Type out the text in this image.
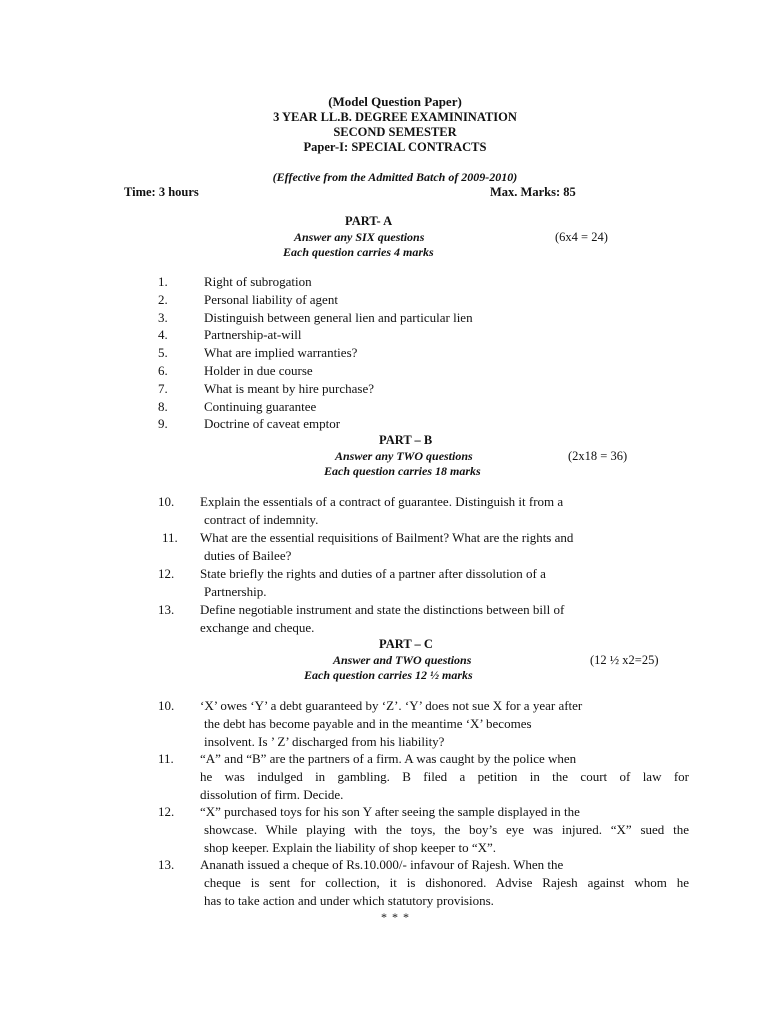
(Model Question Paper)
3 YEAR LL.B. DEGREE EXAMININATION
SECOND SEMESTER
Paper-I: SPECIAL CONTRACTS
(Effective from the Admitted Batch of 2009-2010)
Time: 3 hours	Max. Marks: 85
PART- A
Answer any SIX questions	(6x4 = 24)
Each question carries 4 marks
1.	Right of subrogation
2.	Personal liability of agent
3.	Distinguish between general lien and particular lien
4.	Partnership-at-will
5.	What are implied warranties?
6.	Holder in due course
7.	What is meant by hire purchase?
8.	Continuing guarantee
9.	Doctrine of caveat emptor
PART – B
Answer any TWO questions	(2x18 = 36)
Each question carries 18 marks
10. Explain the essentials of a contract of guarantee. Distinguish it from a
contract of indemnity.
11. What are the essential requisitions of Bailment? What are the rights and
duties of Bailee?
12. State briefly the rights and duties of a partner after dissolution of a
Partnership.
13. Define negotiable instrument and state the distinctions between bill of
exchange and cheque.
PART – C
Answer and TWO questions	(12 ½ x2=25)
Each question carries 12 ½ marks
10. ‘X’ owes ‘Y’ a debt guaranteed by ‘Z’. ‘Y’ does not sue X for a year after
the debt has become payable and in the meantime ‘X’ becomes
insolvent. Is ’ Z’ discharged from his liability?
11. “A” and “B” are the partners of a firm. A was caught by the police when
he was indulged in gambling. B filed a petition in the court of law for
dissolution of firm. Decide.
12. “X” purchased toys for his son Y after seeing the sample displayed in the
showcase. While playing with the toys, the boy’s eye was injured. “X” sued the
shop keeper. Explain the liability of shop keeper to “X”.
13. Ananath issued a cheque of Rs.10.000/- infavour of Rajesh. When the
cheque is sent for collection, it is dishonored. Advise Rajesh against whom he
has to take action and under which statutory provisions.
* * *
